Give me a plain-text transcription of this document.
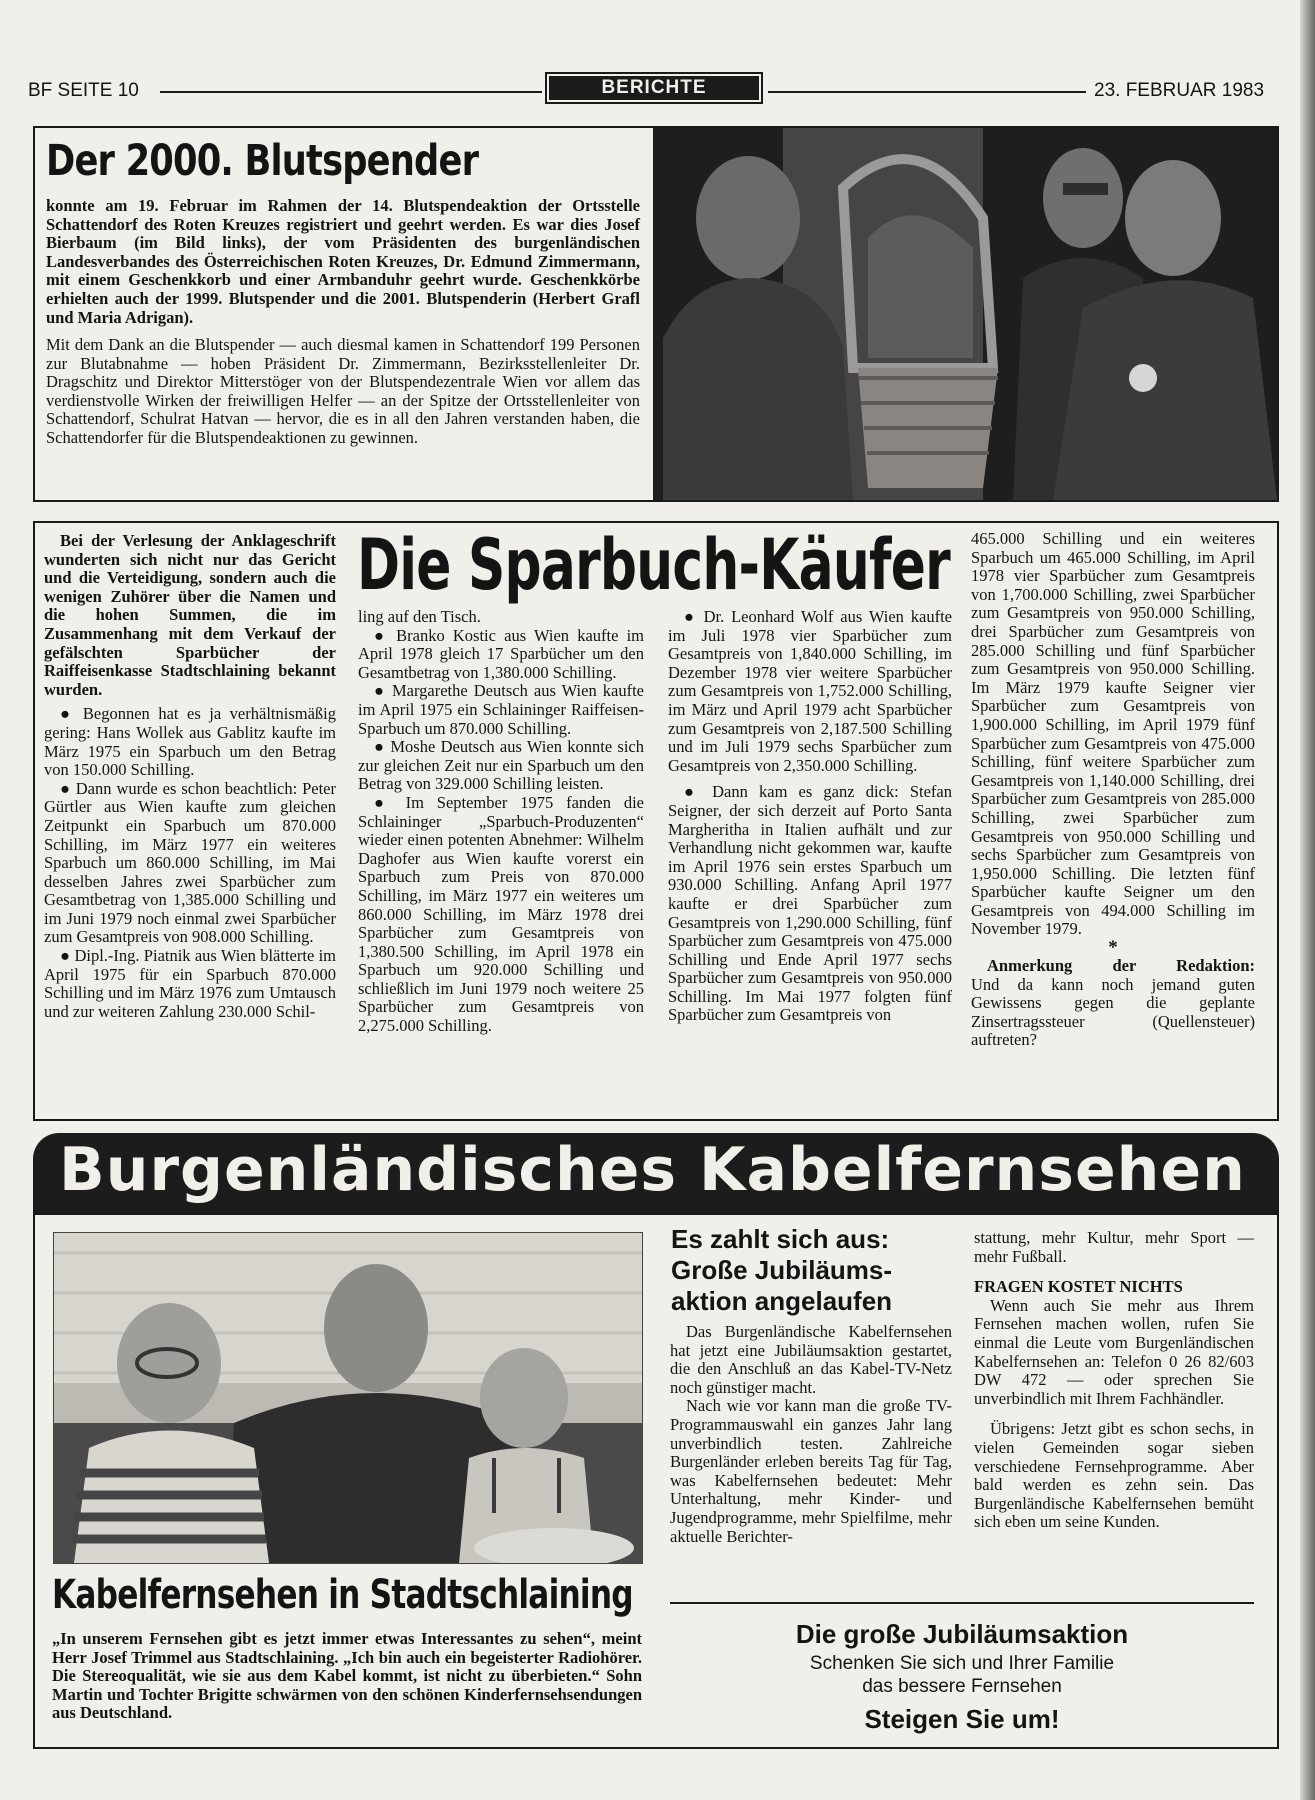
BF SEITE 10	BERICHTE	23. FEBRUAR 1983
Der 2000. Blutspender

konnte am 19. Februar im Rahmen der 14. Blutspendeaktion der Ortsstelle Schattendorf des Roten Kreuzes registriert und geehrt werden. Es war dies Josef Bierbaum (im Bild links), der vom Präsidenten des burgenländischen Landesverbandes des Österreichischen Roten Kreuzes, Dr. Edmund Zimmermann, mit einem Geschenkkorb und einer Armbanduhr geehrt wurde. Geschenkkörbe erhielten auch der 1999. Blutspender und die 2001. Blutspenderin (Herbert Grafl und Maria Adrigan).

Mit dem Dank an die Blutspender — auch diesmal kamen in Schattendorf 199 Personen zur Blutabnahme — hoben Präsident Dr. Zimmermann, Bezirksstellenleiter Dr. Dragschitz und Direktor Mitterstöger von der Blutspendezentrale Wien vor allem das verdienstvolle Wirken der freiwilligen Helfer — an der Spitze der Ortsstellenleiter von Schattendorf, Schulrat Hatvan — hervor, die es in all den Jahren verstanden haben, die Schattendorfer für die Blutspendeaktionen zu gewinnen.

Bei der Verlesung der Anklageschrift wunderten sich nicht nur das Gericht und die Verteidigung, sondern auch die wenigen Zuhörer über die Namen und die hohen Summen, die im Zusammenhang mit dem Verkauf der gefälschten Sparbücher der Raiffeisenkasse Stadtschlaining bekannt wurden.

● Begonnen hat es ja verhältnismäßig gering: Hans Wollek aus Gablitz kaufte im März 1975 ein Sparbuch um den Betrag von 150.000 Schilling.

● Dann wurde es schon beachtlich: Peter Gürtler aus Wien kaufte zum gleichen Zeitpunkt ein Sparbuch um 870.000 Schilling, im März 1977 ein weiteres Sparbuch um 860.000 Schilling, im Mai desselben Jahres zwei Sparbücher zum Gesamtbetrag von 1,385.000 Schilling und im Juni 1979 noch einmal zwei Sparbücher zum Gesamtpreis von 908.000 Schilling.

● Dipl.-Ing. Piatnik aus Wien blätterte im April 1975 für ein Sparbuch 870.000 Schilling und im März 1976 zum Umtausch und zur weiteren Zahlung 230.000 Schil-

Die Sparbuch-Käufer

ling auf den Tisch.

● Branko Kostic aus Wien kaufte im April 1978 gleich 17 Sparbücher um den Gesamtbetrag von 1,380.000 Schilling.

● Margarethe Deutsch aus Wien kaufte im April 1975 ein Schlaininger Raiffeisen-Sparbuch um 870.000 Schilling.

● Moshe Deutsch aus Wien konnte sich zur gleichen Zeit nur ein Sparbuch um den Betrag von 329.000 Schilling leisten.

● Im September 1975 fanden die Schlaininger „Sparbuch-Produzenten“ wieder einen potenten Abnehmer: Wilhelm Daghofer aus Wien kaufte vorerst ein Sparbuch zum Preis von 870.000 Schilling, im März 1977 ein weiteres um 860.000 Schilling, im März 1978 drei Sparbücher zum Gesamtpreis von 1,380.500 Schilling, im April 1978 ein Sparbuch um 920.000 Schilling und schließlich im Juni 1979 noch weitere 25 Sparbücher zum Gesamtpreis von 2,275.000 Schilling.

● Dr. Leonhard Wolf aus Wien kaufte im Juli 1978 vier Sparbücher zum Gesamtpreis von 1,840.000 Schilling, im Dezember 1978 vier weitere Sparbücher zum Gesamtpreis von 1,752.000 Schilling, im März und April 1979 acht Sparbücher zum Gesamtpreis von 2,187.500 Schilling und im Juli 1979 sechs Sparbücher zum Gesamtpreis von 2,350.000 Schilling.

● Dann kam es ganz dick: Stefan Seigner, der sich derzeit auf Porto Santa Margheritha in Italien aufhält und zur Verhandlung nicht gekommen war, kaufte im April 1976 sein erstes Sparbuch um 930.000 Schilling. Anfang April 1977 kaufte er drei Sparbücher zum Gesamtpreis von 1,290.000 Schilling, fünf Sparbücher zum Gesamtpreis von 475.000 Schilling und Ende April 1977 sechs Sparbücher zum Gesamtpreis von 950.000 Schilling. Im Mai 1977 folgten fünf Sparbücher zum Gesamtpreis von

465.000 Schilling und ein weiteres Sparbuch um 465.000 Schilling, im April 1978 vier Sparbücher zum Gesamtpreis von 1,700.000 Schilling, zwei Sparbücher zum Gesamtpreis von 950.000 Schilling, drei Sparbücher zum Gesamtpreis von 285.000 Schilling und fünf Sparbücher zum Gesamtpreis von 950.000 Schilling. Im März 1979 kaufte Seigner vier Sparbücher zum Gesamtpreis von 1,900.000 Schilling, im April 1979 fünf Sparbücher zum Gesamtpreis von 475.000 Schilling, fünf weitere Sparbücher zum Gesamtpreis von 1,140.000 Schilling, drei Sparbücher zum Gesamtpreis von 285.000 Schilling, zwei Sparbücher zum Gesamtpreis von 950.000 Schilling und sechs Sparbücher zum Gesamtpreis von 1,950.000 Schilling. Die letzten fünf Sparbücher kaufte Seigner um den Gesamtpreis von 494.000 Schilling im November 1979.

*

Anmerkung der Redaktion:

Und da kann noch jemand guten Gewissens gegen die geplante Zinsertragssteuer (Quellensteuer) auftreten?

Burgenländisches Kabelfernsehen
Kabelfernsehen in Stadtschlaining

„In unserem Fernsehen gibt es jetzt immer etwas Interessantes zu sehen“, meint Herr Josef Trimmel aus Stadtschlaining. „Ich bin auch ein begeisterter Radiohörer. Die Stereoqualität, wie sie aus dem Kabel kommt, ist nicht zu überbieten.“ Sohn Martin und Tochter Brigitte schwärmen von den schönen Kinderfernsehsendungen aus Deutschland.

Es zahlt sich aus:
Große Jubiläums-
aktion angelaufen

Das Burgenländische Kabelfernsehen hat jetzt eine Jubiläumsaktion gestartet, die den Anschluß an das Kabel-TV-Netz noch günstiger macht.

Nach wie vor kann man die große TV-Programmauswahl ein ganzes Jahr lang unverbindlich testen. Zahlreiche Burgenländer erleben bereits Tag für Tag, was Kabelfernsehen bedeutet: Mehr Unterhaltung, mehr Kinder- und Jugendprogramme, mehr Spielfilme, mehr aktuelle Berichter-

stattung, mehr Kultur, mehr Sport — mehr Fußball.

FRAGEN KOSTET NICHTS

Wenn auch Sie mehr aus Ihrem Fernsehen machen wollen, rufen Sie einmal die Leute vom Burgenländischen Kabelfernsehen an: Telefon 0 26 82/603 DW 472 — oder sprechen Sie unverbindlich mit Ihrem Fachhändler.

Übrigens: Jetzt gibt es schon sechs, in vielen Gemeinden sogar sieben verschiedene Fernsehprogramme. Aber bald werden es zehn sein. Das Burgenländische Kabelfernsehen bemüht sich eben um seine Kunden.

Die große Jubiläumsaktion
Schenken Sie sich und Ihrer Familie
das bessere Fernsehen
Steigen Sie um!
